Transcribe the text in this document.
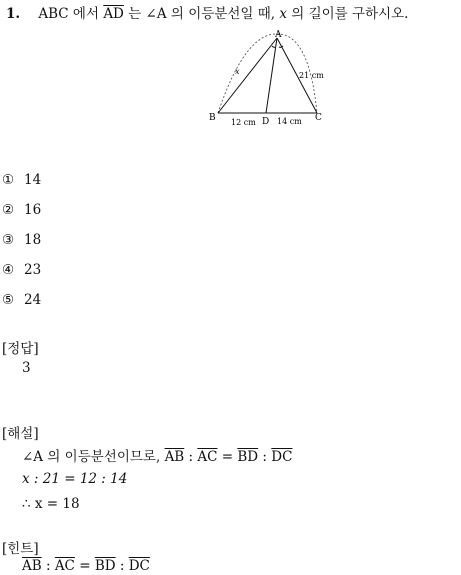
1. ABC 에서 $\overline{AD}$ 는 ∠A 의 이등분선일 때, x 의 길이를 구하시오.
A
B	C
D
x	21 cm
12 cm	14 cm
① 14
② 16
③ 18
④ 23
⑤ 24
[정답]
3
[해설]
∠A 의 이등분선이므로, $\overline{AB}$ : $\overline{AC} = \overline{BD}$ : $\overline{DC}$
x : 21 = 12 : 14
∴ x = 18
[힌트]
$\overline{AB}$ : $\overline{AC} = \overline{BD}$ : $\overline{DC}$
